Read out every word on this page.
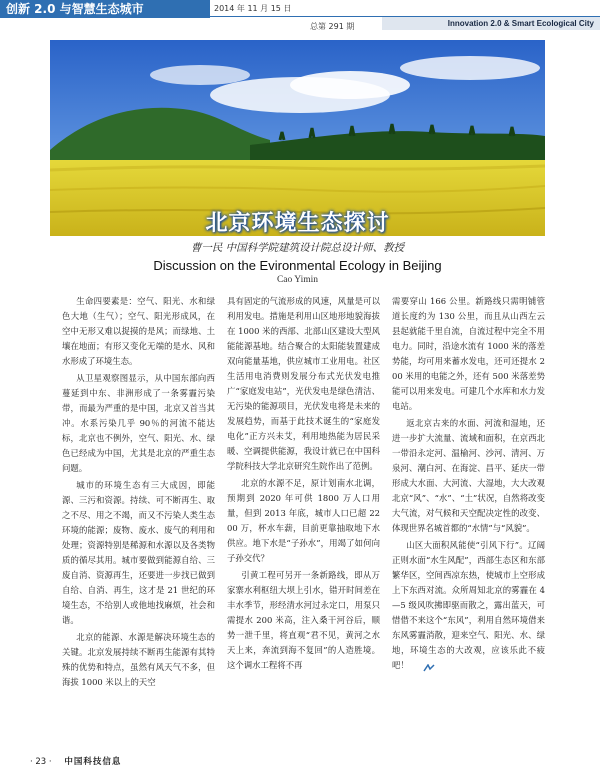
创新 2.0 与智慧生态城市	2014 年 11 月 15 日
总第 291 期	Innovation 2.0 & Smart Ecological City
北京环境生态探讨
曹一民 中国科学院建筑设计院总设计师、教授
Discussion on the Evironmental Ecology in Beijing
Cao Yimin

生命四要素是：空气、阳光、水和绿色大地（生气）；空气、阳光形成风，在空中无形又难以捉摸的是风；而绿地、土壤在地面；有形又变化无端的是水、风和水形成了环境生态。

从卫星观察图显示，从中国东部向西蔓延到中东、非洲形成了一条雾霾污染带，而最为严重的是中国，北京又首当其冲。水系污染几乎 90％的河流不能达标，北京也不例外，空气、阳光、水、绿色已经成为中国，尤其是北京的严重生态问题。

城市的环境生态有三大成因，即能源、三污和资源。持续、可不断再生、取之不尽、用之不竭，而又不污染人类生态环境的能源；废物、废水、废气的利用和处理；资源特别是稀源和水源以及各类物质的循尽其用。城市要做到能源自给、三废自消、资源再生，还要进一步找已做到自给、自消、再生，这才是 21 世纪的环境生态，不给别人或他地找麻烦，社会和谐。

北京的能源、水源是解决环境生态的关键。北京发展持续不断再生能源有其特殊的优势和特点，虽然有风天气不多，但海拔 1000 米以上的天空

具有固定的气流形成的风速，风量是可以利用发电。措施是利用山区地形地貌海拔在 1000 米的西部、北部山区建设大型风能能源基地。结合聚合的太阳能装置建成双向能量基地，供应城市工业用电。社区生活用电消费则发展分布式光伏发电推广“家庭发电站”，光伏发电是绿色清洁、无污染的能源项目，光伏发电将是未来的发展趋势，而基于此技术诞生的“家庭发电化”正方兴未艾，利用地热能为居民采暖、空调提供能源，我设计就已在中国科学院科技大学北京研究生院作出了范例。

北京的水源不足，原计划南水北调，预期到 2020 年可供 1800 万人口用量，但到 2013 年底，城市人口已超 2200 万，杯水车薪，目前更靠抽取地下水供应。地下水是“子孙水”，用竭了如何向子孙交代？

引黄工程可另开一条新路线，即从万家寨水利枢纽大坝上引水，错开时间差在丰水季节，形经清水河过永定口，用泵只需提水 200 米高，注入桑干河谷后，顺势一泄千里，将直观“君不见，黄河之水天上来，奔流到海不复回”的人造胜境。这个调水工程将不再

需要穿山 166 公里。新路线只需明铺管道长度约为 130 公里，而且从山西左云县起就能千里自流，自流过程中完全不用电力。同时，沿途水流有 1000 米的落差势能，均可用来蓄水发电，还可还提水 200 米用的电能之外，还有 500 米落差势能可以用来发电。可建几个水库和水力发电站。

返北京古来的水面、河流和湿地，还进一步扩大流量、流域和面积，在京西北一带沿永定河、温榆河、沙河、清河、万泉河、潮白河、在海淀、昌平、延庆一带形成大水面、大河流、大湿地，大大改观北京“风”、“水”、“土”状况，自然将改变大气流，对气候和天空配决定性的改变、体现世界名城首都的“水情”与“风貌”。

山区大面积风能使“引风下行”。辽阔正则水面“水生风配”，西部生态区和东部繁华区，空间西凉东热，使城市上空形成上下东西对流。众所周知北京的雾霾在 4—5 级风吹拂即驱而散之，露出蓝天，可惜借不来这个“东风”，利用自然环境借来东风雾霾消散，迎来空气、阳光、水、绿地，环境生态的大改观，应该乐此不疲吧！

· 23 · 中国科技信息
